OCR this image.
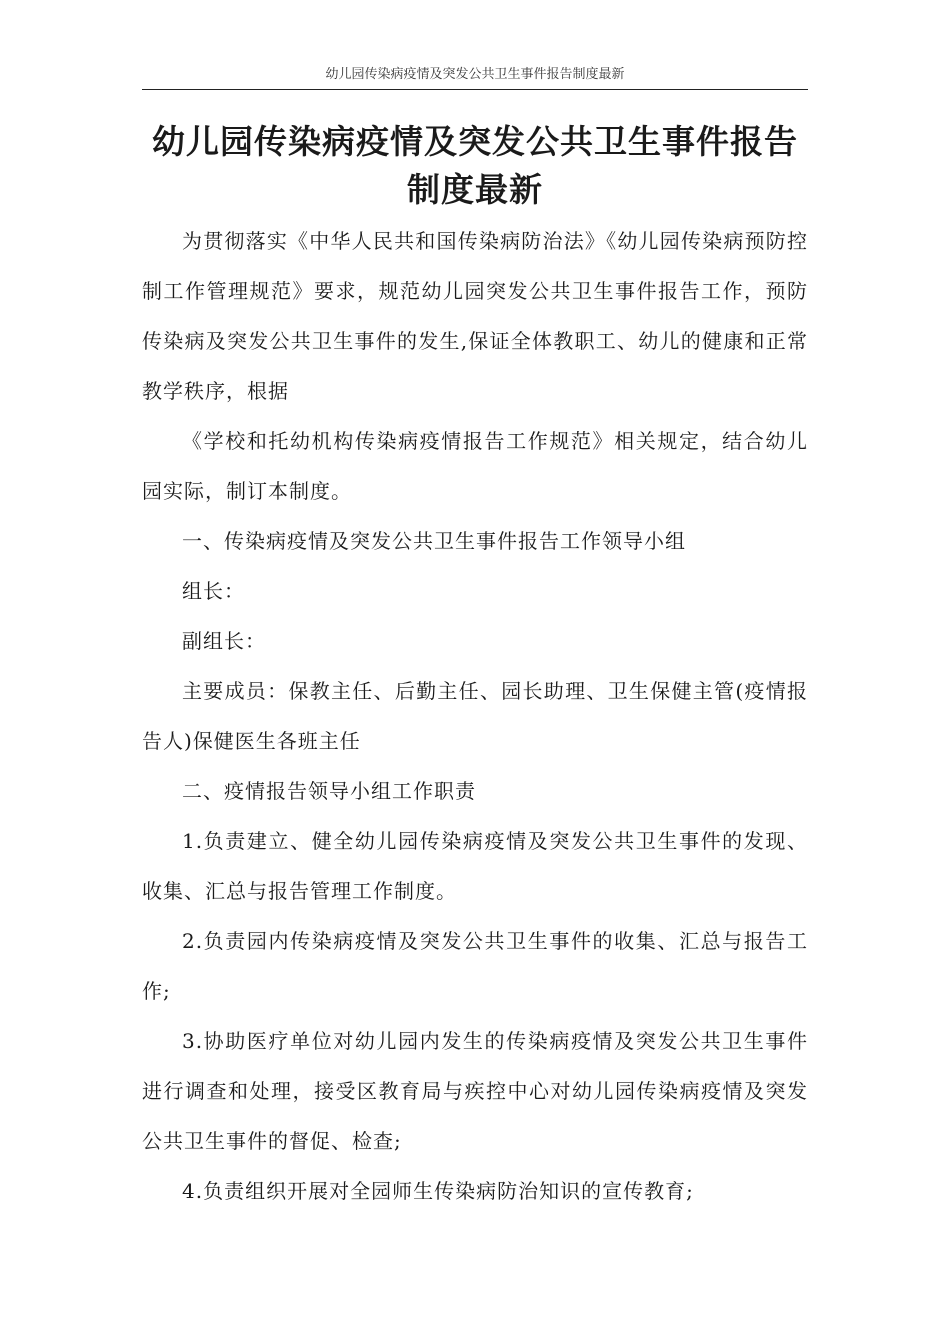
幼儿园传染病疫情及突发公共卫生事件报告制度最新
幼儿园传染病疫情及突发公共卫生事件报告制度最新

为贯彻落实《中华人民共和国传染病防治法》《幼儿园传染病预防控制工作管理规范》要求，规范幼儿园突发公共卫生事件报告工作，预防传染病及突发公共卫生事件的发生,保证全体教职工、幼儿的健康和正常教学秩序，根据

《学校和托幼机构传染病疫情报告工作规范》相关规定，结合幼儿园实际，制订本制度。

一、传染病疫情及突发公共卫生事件报告工作领导小组

组长：

副组长：

主要成员：保教主任、后勤主任、园长助理、卫生保健主管(疫情报告人)保健医生各班主任

二、疫情报告领导小组工作职责

1.负责建立、健全幼儿园传染病疫情及突发公共卫生事件的发现、收集、汇总与报告管理工作制度。

2.负责园内传染病疫情及突发公共卫生事件的收集、汇总与报告工作;

3.协助医疗单位对幼儿园内发生的传染病疫情及突发公共卫生事件进行调查和处理，接受区教育局与疾控中心对幼儿园传染病疫情及突发公共卫生事件的督促、检查;

4.负责组织开展对全园师生传染病防治知识的宣传教育;
